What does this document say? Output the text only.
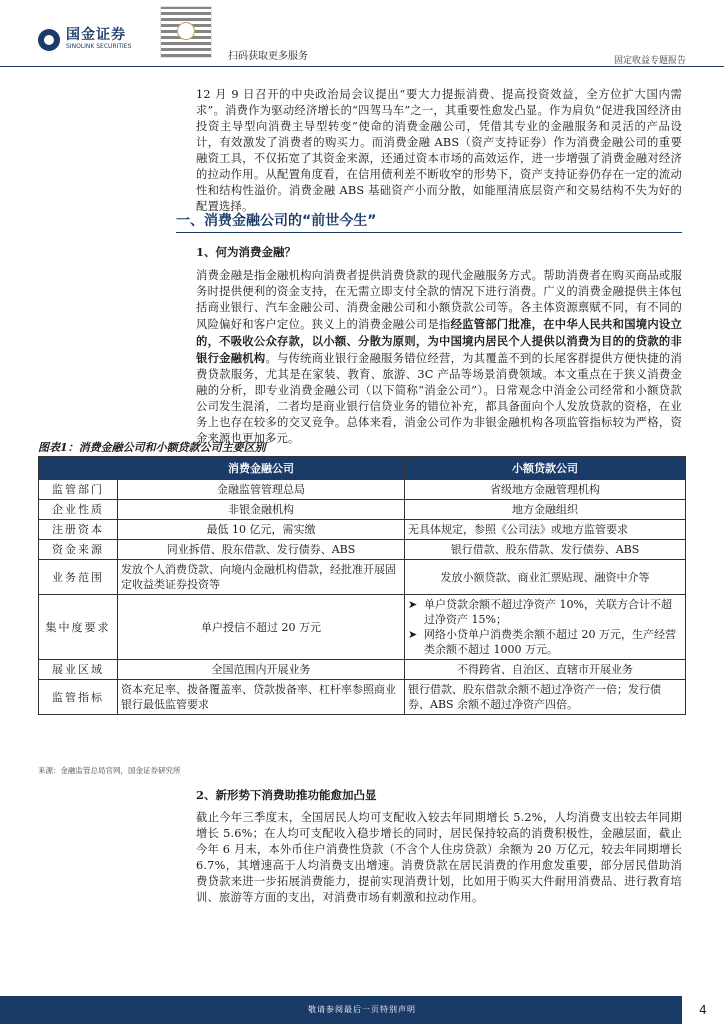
国金证券
SINOLINK SECURITIES
扫码获取更多服务	固定收益专题报告

12 月 9 日召开的中央政治局会议提出“要大力提振消费、提高投资效益，全方位扩大国内需求”。消费作为驱动经济增长的“四驾马车”之一，其重要性愈发凸显。作为肩负“促进我国经济由投资主导型向消费主导型转变”使命的消费金融公司，凭借其专业的金融服务和灵活的产品设计，有效激发了消费者的购买力。而消费金融 ABS（资产支持证券）作为消费金融公司的重要融资工具，不仅拓宽了其资金来源，还通过资本市场的高效运作，进一步增强了消费金融对经济的拉动作用。从配置角度看，在信用债利差不断收窄的形势下，资产支持证券仍存在一定的流动性和结构性溢价。消费金融 ABS 基础资产小而分散，如能厘清底层资产和交易结构不失为好的配置选择。

一、消费金融公司的“前世今生”
1、何为消费金融？

消费金融是指金融机构向消费者提供消费贷款的现代金融服务方式。帮助消费者在购买商品或服务时提供便利的资金支持，在无需立即支付全款的情况下进行消费。广义的消费金融提供主体包括商业银行、汽车金融公司、消费金融公司和小额贷款公司等。各主体资源禀赋不同，有不同的风险偏好和客户定位。狭义上的消费金融公司是指经监管部门批准，在中华人民共和国境内设立的，不吸收公众存款，以小额、分散为原则，为中国境内居民个人提供以消费为目的的贷款的非银行金融机构。与传统商业银行金融服务错位经营，为其覆盖不到的长尾客群提供方便快捷的消费贷款服务，尤其是在家装、教育、旅游、3C 产品等场景消费领域。本文重点在于狭义消费金融的分析，即专业消费金融公司（以下简称“消金公司”）。日常观念中消金公司经常和小额贷款公司发生混淆，二者均是商业银行信贷业务的错位补充，都具备面向个人发放贷款的资格，在业务上也存在较多的交叉竞争。总体来看，消金公司作为非银金融机构各项监管指标较为严格，资金来源也更加多元。

图表1：消费金融公司和小额贷款公司主要区别
	消费金融公司	小额贷款公司
监管部门	金融监管管理总局	省级地方金融管理机构
企业性质	非银金融机构	地方金融组织
注册资本	最低 10 亿元，需实缴	无具体规定，参照《公司法》或地方监管要求
资金来源	同业拆借、股东借款、发行债券、ABS	银行借款、股东借款、发行债券、ABS
业务范围	发放个人消费贷款、向境内金融机构借款，经批准开展固定收益类证券投资等	发放小额贷款、商业汇票贴现、融资中介等
集中度要求	单户授信不超过 20 万元	➤ 单户贷款余额不超过净资产 10%，关联方合计不超过净资产 15%；
➤ 网络小贷单户消费类余额不超过 20 万元，生产经营类余额不超过 1000 万元。

展业区域	全国范围内开展业务	不得跨省、自治区、直辖市开展业务
监管指标	资本充足率、拨备覆盖率、贷款拨备率、杠杆率参照商业银行最低监管要求	银行借款、股东借款余额不超过净资产一倍；发行债券、ABS 余额不超过净资产四倍。
来源：金融监管总局官网，国金证券研究所
2、新形势下消费助推功能愈加凸显

截止今年三季度末，全国居民人均可支配收入较去年同期增长 5.2%，人均消费支出较去年同期增长 5.6%；在人均可支配收入稳步增长的同时，居民保持较高的消费积极性，金融层面，截止今年 6 月末，本外币住户消费性贷款（不含个人住房贷款）余额为 20 万亿元，较去年同期增长 6.7%，其增速高于人均消费支出增速。消费贷款在居民消费的作用愈发重要，部分居民借助消费贷款来进一步拓展消费能力，提前实现消费计划，比如用于购买大件耐用消费品、进行教育培训、旅游等方面的支出，对消费市场有刺激和拉动作用。

敬请参阅最后一页特别声明	4
